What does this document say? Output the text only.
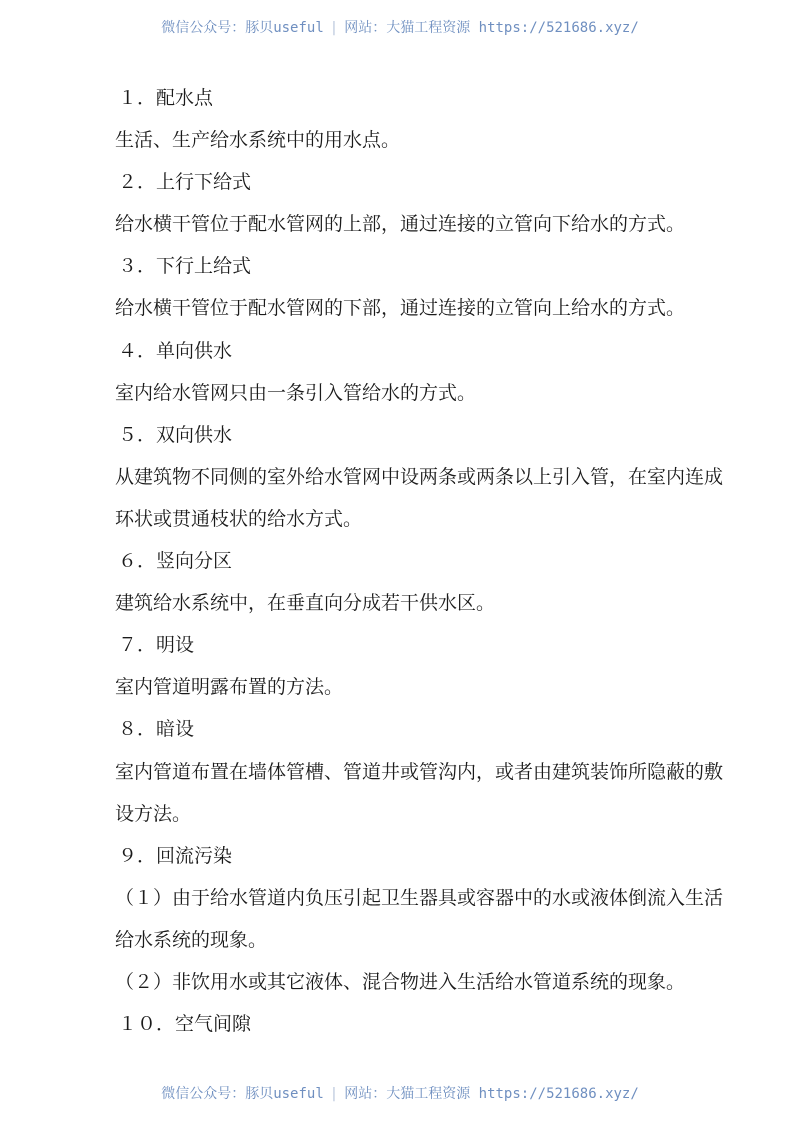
微信公众号：豚贝useful | 网站：大猫工程资源 https://521686.xyz/
１．配水点
生活、生产给水系统中的用水点。
２．上行下给式
给水横干管位于配水管网的上部，通过连接的立管向下给水的方式。
３．下行上给式
给水横干管位于配水管网的下部，通过连接的立管向上给水的方式。
４．单向供水
室内给水管网只由一条引入管给水的方式。
５．双向供水
从建筑物不同侧的室外给水管网中设两条或两条以上引入管，在室内连成
环状或贯通枝状的给水方式。
６．竖向分区
建筑给水系统中，在垂直向分成若干供水区。
７．明设
室内管道明露布置的方法。
８．暗设
室内管道布置在墙体管槽、管道井或管沟内，或者由建筑装饰所隐蔽的敷
设方法。
９．回流污染
（１）由于给水管道内负压引起卫生器具或容器中的水或液体倒流入生活
给水系统的现象。
（２）非饮用水或其它液体、混合物进入生活给水管道系统的现象。
１０．空气间隙
微信公众号：豚贝useful | 网站：大猫工程资源 https://521686.xyz/
